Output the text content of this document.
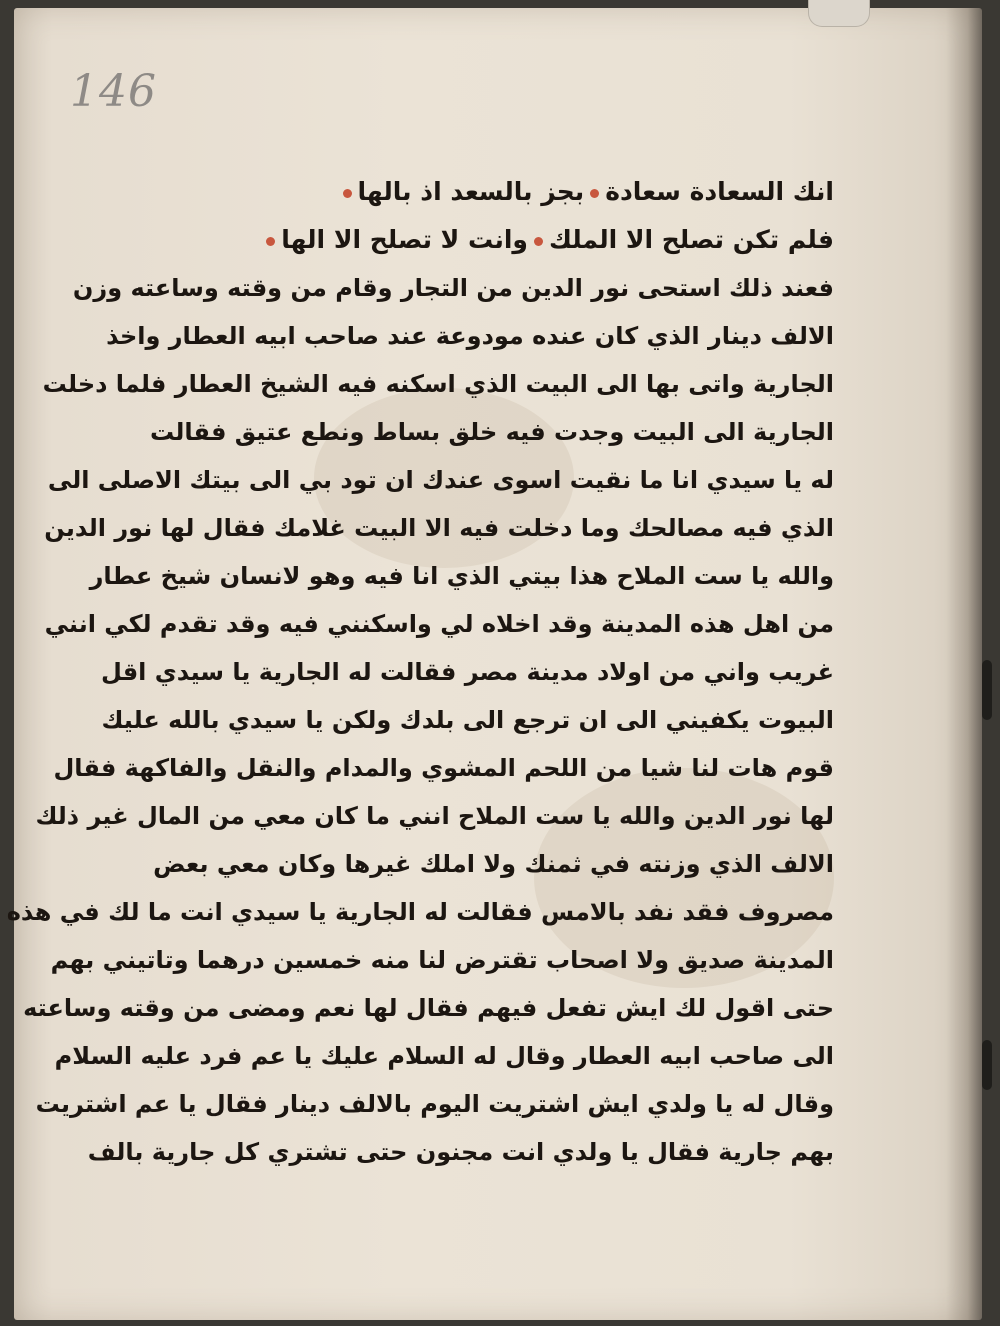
146
انك السعادة سعادةبجز بالسعد اذ بالها
فلم تكن تصلح الا الملكوانت لا تصلح الا الها
فعند ذلك استحى نور الدين من التجار وقام من وقته وساعته وزن
الالف دينار الذي كان عنده مودوعة عند صاحب ابيه العطار واخذ
الجارية واتى بها الى البيت الذي اسكنه فيه الشيخ العطار فلما دخلت
الجارية الى البيت وجدت فيه خلق بساط ونطع عتيق فقالت
له يا سيدي انا ما نقيت اسوى عندك ان تود بي الى بيتك الاصلى الى
الذي فيه مصالحك وما دخلت فيه الا البيت غلامك فقال لها نور الدين
والله يا ست الملاح هذا بيتي الذي انا فيه وهو لانسان شيخ عطار
من اهل هذه المدينة وقد اخلاه لي واسكنني فيه وقد تقدم لكي انني
غريب واني من اولاد مدينة مصر فقالت له الجارية يا سيدي اقل
البيوت يكفيني الى ان ترجع الى بلدك ولكن يا سيدي بالله عليك
قوم هات لنا شيا من اللحم المشوي والمدام والنقل والفاكهة فقال
لها نور الدين والله يا ست الملاح انني ما كان معي من المال غير ذلك
الالف الذي وزنته في ثمنك ولا املك غيرها وكان معي بعض
مصروف فقد نفد بالامس فقالت له الجارية يا سيدي انت ما لك في هذه
المدينة صديق ولا اصحاب تقترض لنا منه خمسين درهما وتاتيني بهم
حتى اقول لك ايش تفعل فيهم فقال لها نعم ومضى من وقته وساعته
الى صاحب ابيه العطار وقال له السلام عليك يا عم فرد عليه السلام
وقال له يا ولدي ايش اشتريت اليوم بالالف دينار فقال يا عم اشتريت
بهم جارية فقال يا ولدي انت مجنون حتى تشتري كل جارية بالف
